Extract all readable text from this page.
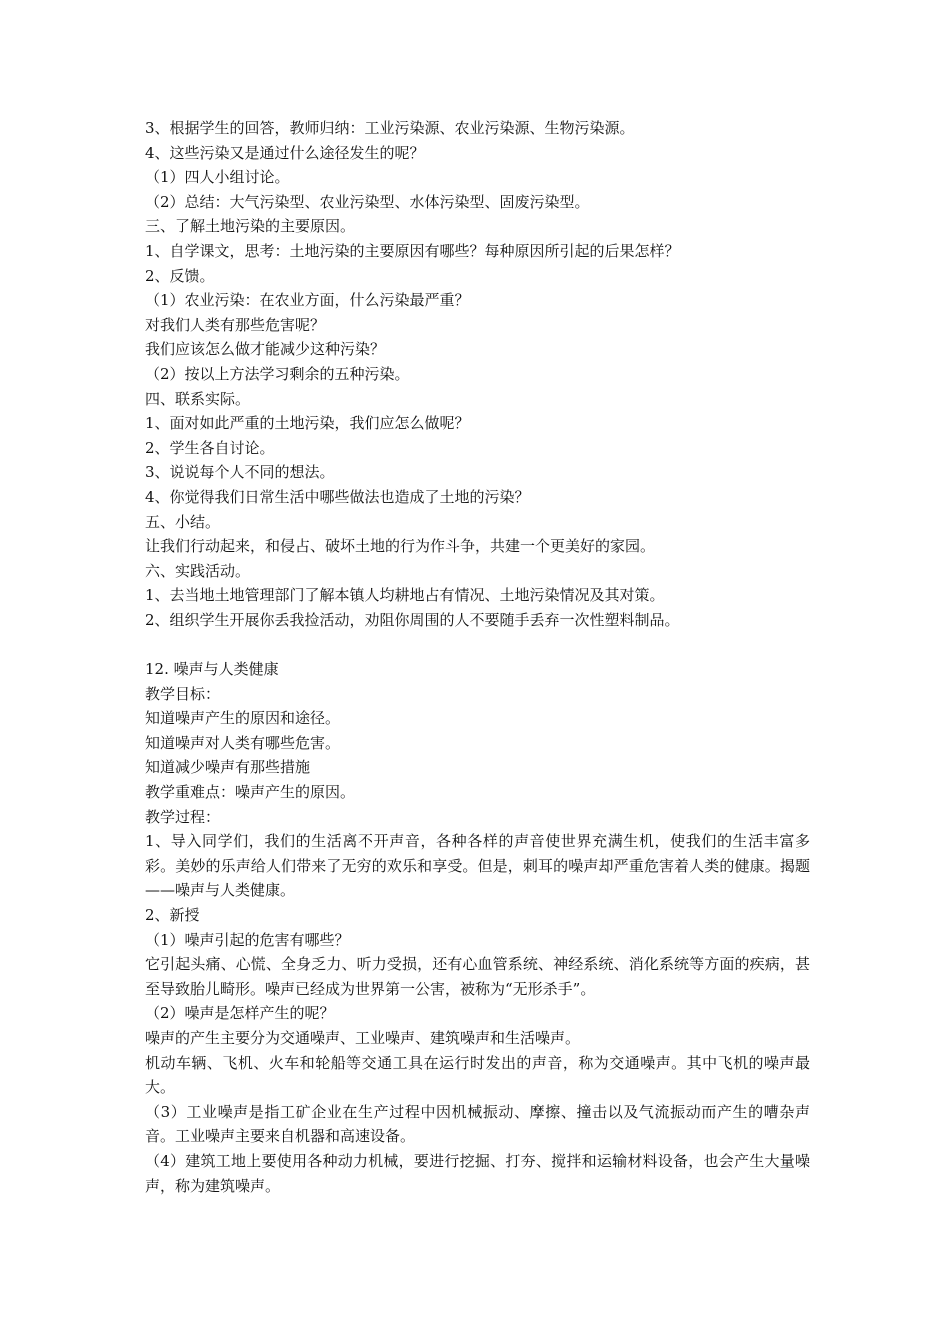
3、根据学生的回答，教师归纳：工业污染源、农业污染源、生物污染源。
4、这些污染又是通过什么途径发生的呢？
（1）四人小组讨论。
（2）总结：大气污染型、农业污染型、水体污染型、固废污染型。
三、了解土地污染的主要原因。
1、自学课文，思考：土地污染的主要原因有哪些？每种原因所引起的后果怎样？
2、反馈。
（1）农业污染：在农业方面，什么污染最严重？
对我们人类有那些危害呢？
我们应该怎么做才能减少这种污染？
（2）按以上方法学习剩余的五种污染。
四、联系实际。
1、面对如此严重的土地污染，我们应怎么做呢？
2、学生各自讨论。
3、说说每个人不同的想法。
4、你觉得我们日常生活中哪些做法也造成了土地的污染？
五、小结。
让我们行动起来，和侵占、破坏土地的行为作斗争，共建一个更美好的家园。
六、实践活动。
1、去当地土地管理部门了解本镇人均耕地占有情况、土地污染情况及其对策。
2、组织学生开展你丢我捡活动，劝阻你周围的人不要随手丢弃一次性塑料制品。
12. 噪声与人类健康
教学目标：
知道噪声产生的原因和途径。
知道噪声对人类有哪些危害。
知道减少噪声有那些措施
教学重难点：噪声产生的原因。
教学过程：
1、导入同学们，我们的生活离不开声音，各种各样的声音使世界充满生机，使我们的生活丰富多彩。美妙的乐声给人们带来了无穷的欢乐和享受。但是，刺耳的噪声却严重危害着人类的健康。揭题——噪声与人类健康。
2、新授
（1）噪声引起的危害有哪些？
它引起头痛、心慌、全身乏力、听力受损，还有心血管系统、神经系统、消化系统等方面的疾病，甚至导致胎儿畸形。噪声已经成为世界第一公害，被称为“无形杀手”。
（2）噪声是怎样产生的呢？
噪声的产生主要分为交通噪声、工业噪声、建筑噪声和生活噪声。
机动车辆、飞机、火车和轮船等交通工具在运行时发出的声音，称为交通噪声。其中飞机的噪声最大。
（3）工业噪声是指工矿企业在生产过程中因机械振动、摩擦、撞击以及气流振动而产生的嘈杂声音。工业噪声主要来自机器和高速设备。
（4）建筑工地上要使用各种动力机械，要进行挖掘、打夯、搅拌和运输材料设备，也会产生大量噪声，称为建筑噪声。
